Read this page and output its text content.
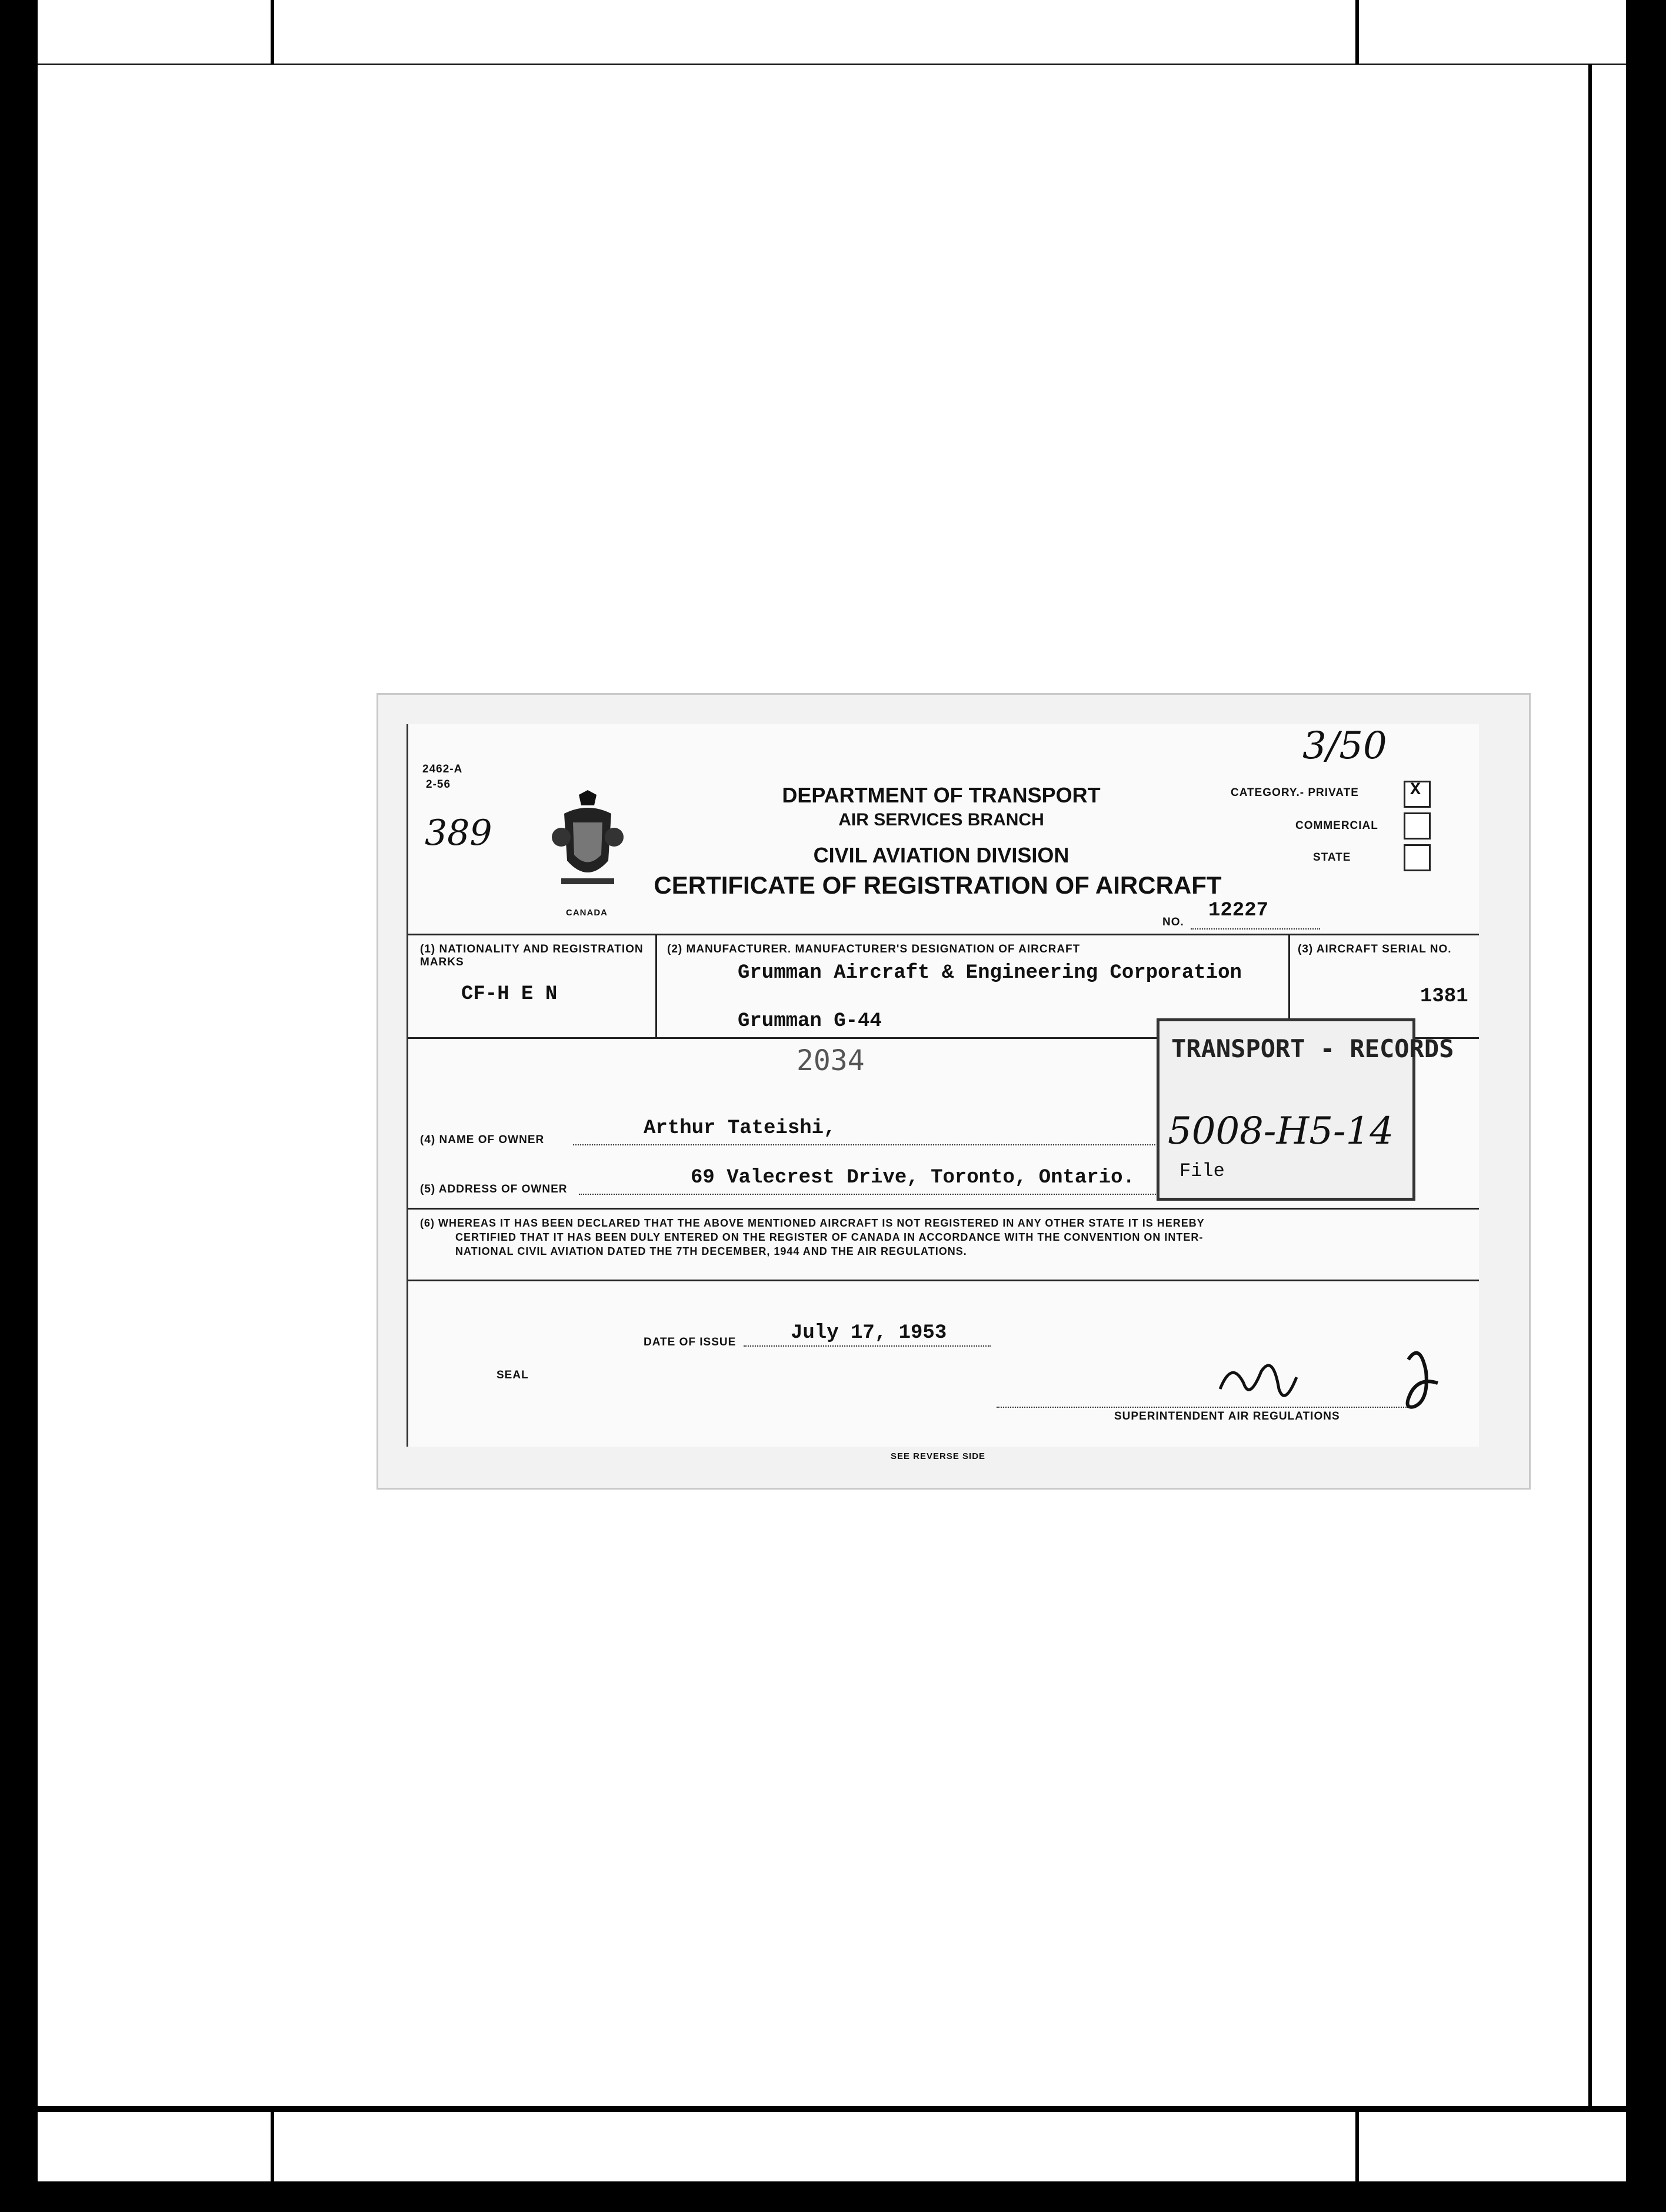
2462-A
2-56
CANADA
DEPARTMENT OF TRANSPORT
AIR SERVICES BRANCH
CIVIL AVIATION DIVISION
CERTIFICATE OF REGISTRATION OF AIRCRAFT
NO.
12227
CATEGORY.- PRIVATE	X
COMMERCIAL
STATE
3/50
389
(1) NATIONALITY AND REGISTRATION MARKS
CF-H E N
(2) MANUFACTURER. MANUFACTURER'S DESIGNATION OF AIRCRAFT
Grumman Aircraft & Engineering Corporation
Grumman G-44
(3) AIRCRAFT SERIAL NO.
1381
2034
(4) NAME OF OWNER
Arthur Tateishi,
(5) ADDRESS OF OWNER
69 Valecrest Drive, Toronto, Ontario.
(6) WHEREAS IT HAS BEEN DECLARED THAT THE ABOVE MENTIONED AIRCRAFT IS NOT REGISTERED IN ANY OTHER STATE IT IS HEREBY
CERTIFIED THAT IT HAS BEEN DULY ENTERED ON THE REGISTER OF CANADA IN ACCORDANCE WITH THE CONVENTION ON INTER-
NATIONAL CIVIL AVIATION DATED THE 7TH DECEMBER, 1944 AND THE AIR REGULATIONS.
DATE OF ISSUE	July 17, 1953
SEAL
SUPERINTENDENT AIR REGULATIONS
SEE REVERSE SIDE
TRANSPORT - RECORDS
5008-H5-14
File
